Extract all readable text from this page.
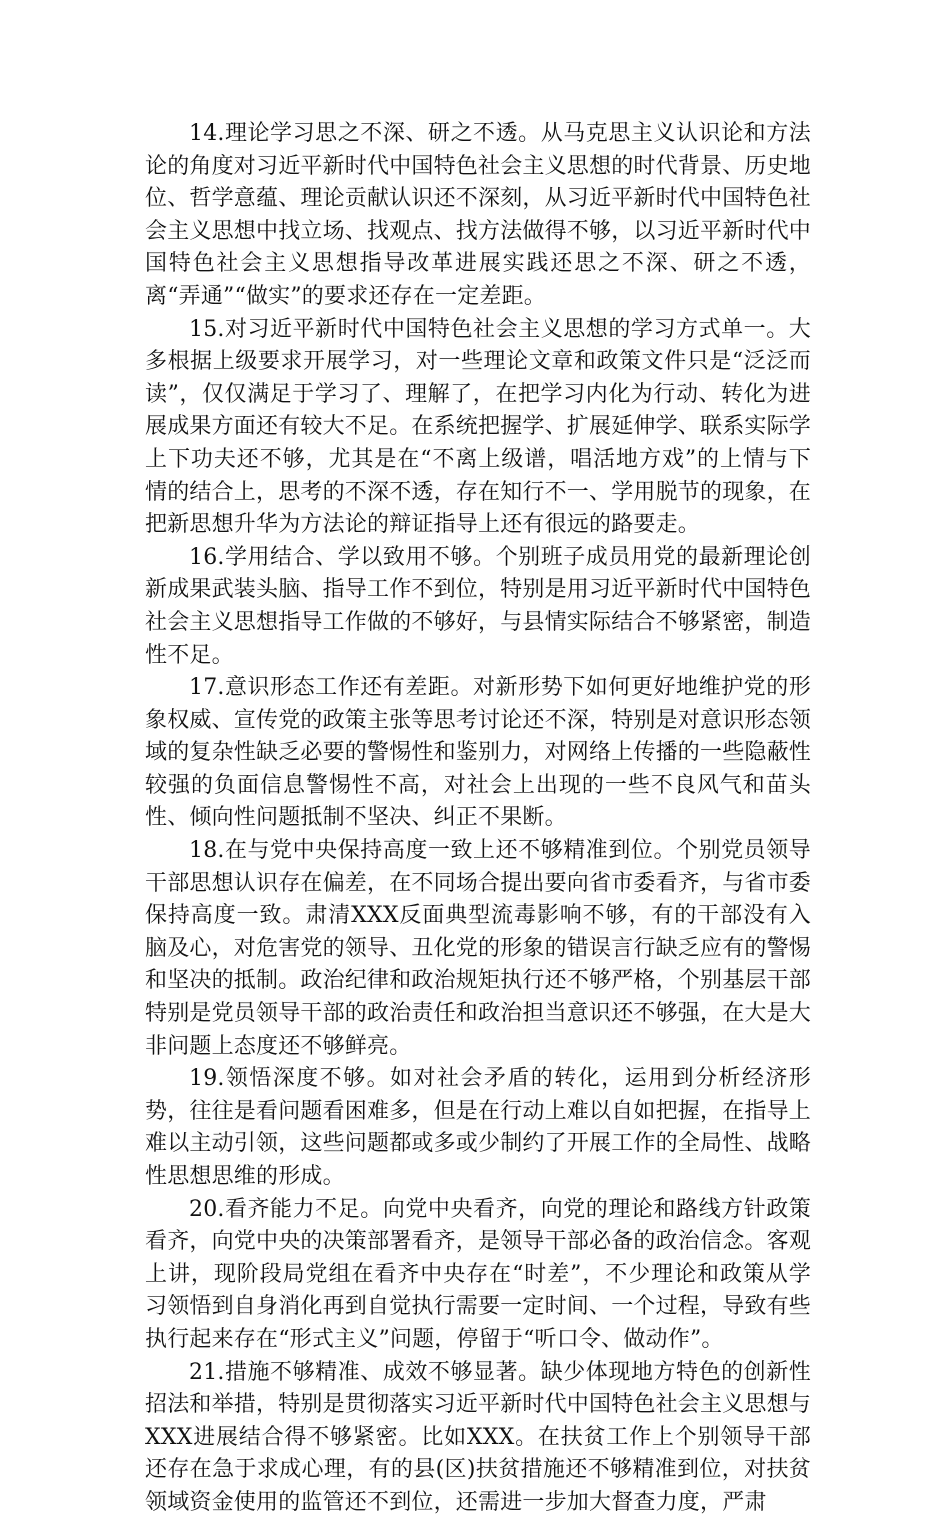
14.理论学习思之不深、研之不透。从马克思主义认识论和方法论的角度对习近平新时代中国特色社会主义思想的时代背景、历史地位、哲学意蕴、理论贡献认识还不深刻，从习近平新时代中国特色社会主义思想中找立场、找观点、找方法做得不够，以习近平新时代中国特色社会主义思想指导改革进展实践还思之不深、研之不透，离“弄通”“做实”的要求还存在一定差距。

15.对习近平新时代中国特色社会主义思想的学习方式单一。大多根据上级要求开展学习，对一些理论文章和政策文件只是“泛泛而读”，仅仅满足于学习了、理解了，在把学习内化为行动、转化为进展成果方面还有较大不足。在系统把握学、扩展延伸学、联系实际学上下功夫还不够，尤其是在“不离上级谱，唱活地方戏”的上情与下情的结合上，思考的不深不透，存在知行不一、学用脱节的现象，在把新思想升华为方法论的辩证指导上还有很远的路要走。

16.学用结合、学以致用不够。个别班子成员用党的最新理论创新成果武装头脑、指导工作不到位，特别是用习近平新时代中国特色社会主义思想指导工作做的不够好，与县情实际结合不够紧密，制造性不足。

17.意识形态工作还有差距。对新形势下如何更好地维护党的形象权威、宣传党的政策主张等思考讨论还不深，特别是对意识形态领域的复杂性缺乏必要的警惕性和鉴别力，对网络上传播的一些隐蔽性较强的负面信息警惕性不高，对社会上出现的一些不良风气和苗头性、倾向性问题抵制不坚决、纠正不果断。

18.在与党中央保持高度一致上还不够精准到位。个别党员领导干部思想认识存在偏差，在不同场合提出要向省市委看齐，与省市委保持高度一致。肃清XXX反面典型流毒影响不够，有的干部没有入脑及心，对危害党的领导、丑化党的形象的错误言行缺乏应有的警惕和坚决的抵制。政治纪律和政治规矩执行还不够严格，个别基层干部特别是党员领导干部的政治责任和政治担当意识还不够强，在大是大非问题上态度还不够鲜亮。

19.领悟深度不够。如对社会矛盾的转化，运用到分析经济形势，往往是看问题看困难多，但是在行动上难以自如把握，在指导上难以主动引领，这些问题都或多或少制约了开展工作的全局性、战略性思想思维的形成。

20.看齐能力不足。向党中央看齐，向党的理论和路线方针政策看齐，向党中央的决策部署看齐，是领导干部必备的政治信念。客观上讲，现阶段局党组在看齐中央存在“时差”，不少理论和政策从学习领悟到自身消化再到自觉执行需要一定时间、一个过程，导致有些执行起来存在“形式主义”问题，停留于“听口令、做动作”。

21.措施不够精准、成效不够显著。缺少体现地方特色的创新性招法和举措，特别是贯彻落实习近平新时代中国特色社会主义思想与XXX进展结合得不够紧密。比如XXX。在扶贫工作上个别领导干部还存在急于求成心理，有的县(区)扶贫措施还不够精准到位，对扶贫领域资金使用的监管还不到位，还需进一步加大督查力度，严肃
